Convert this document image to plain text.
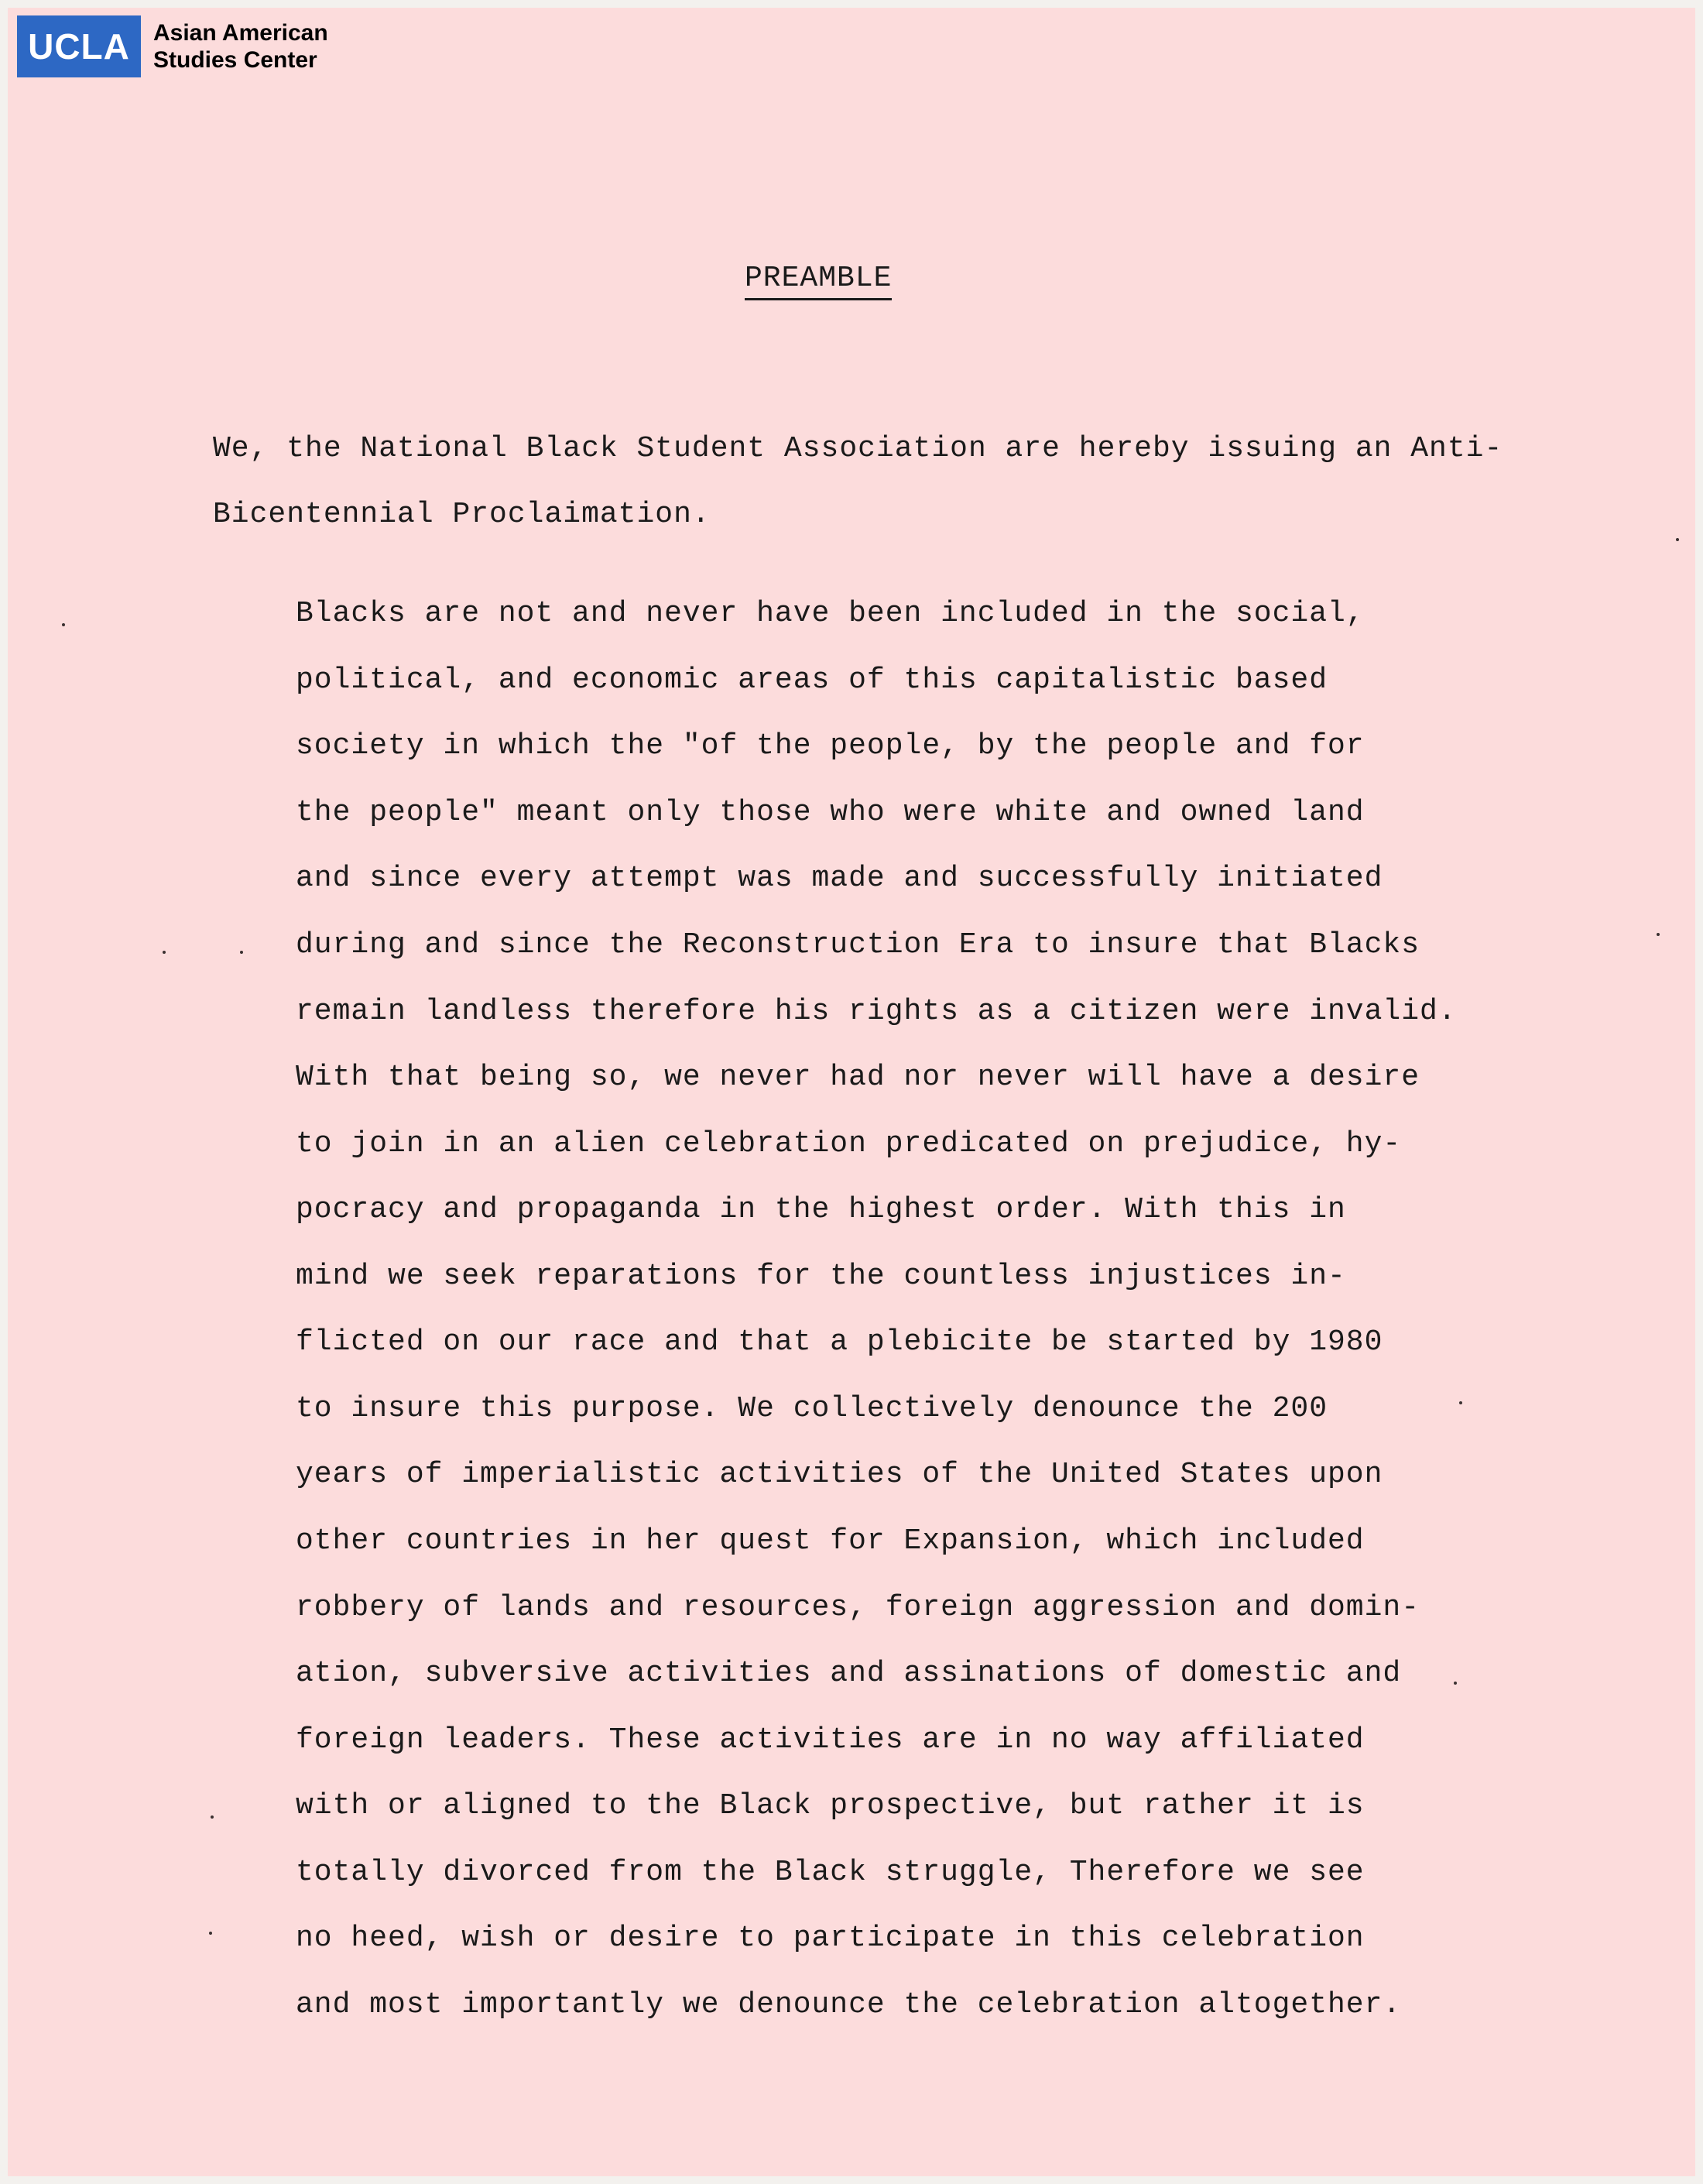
UCLA	Asian American
Studies Center
PREAMBLE
We, the National Black Student Association are hereby issuing an Anti-
Bicentennial Proclaimation.
Blacks are not and never have been included in the social,
political, and economic areas of this capitalistic based
society in which the "of the people, by the people and for
the people" meant only those who were white and owned land
and since every attempt was made and successfully initiated
during and since the Reconstruction Era to insure that Blacks
remain landless therefore his rights as a citizen were invalid.
With that being so, we never had nor never will have a desire
to join in an alien celebration predicated on prejudice, hy-
pocracy and propaganda in the highest order. With this in
mind we seek reparations for the countless injustices in-
flicted on our race and that a plebicite be started by 1980
to insure this purpose. We collectively denounce the 200
years of imperialistic activities of the United States upon
other countries in her quest for Expansion, which included
robbery of lands and resources, foreign aggression and domin-
ation, subversive activities and assinations of domestic and
foreign leaders. These activities are in no way affiliated
with or aligned to the Black prospective, but rather it is
totally divorced from the Black struggle, Therefore we see
no heed, wish or desire to participate in this celebration
and most importantly we denounce the celebration altogether.
